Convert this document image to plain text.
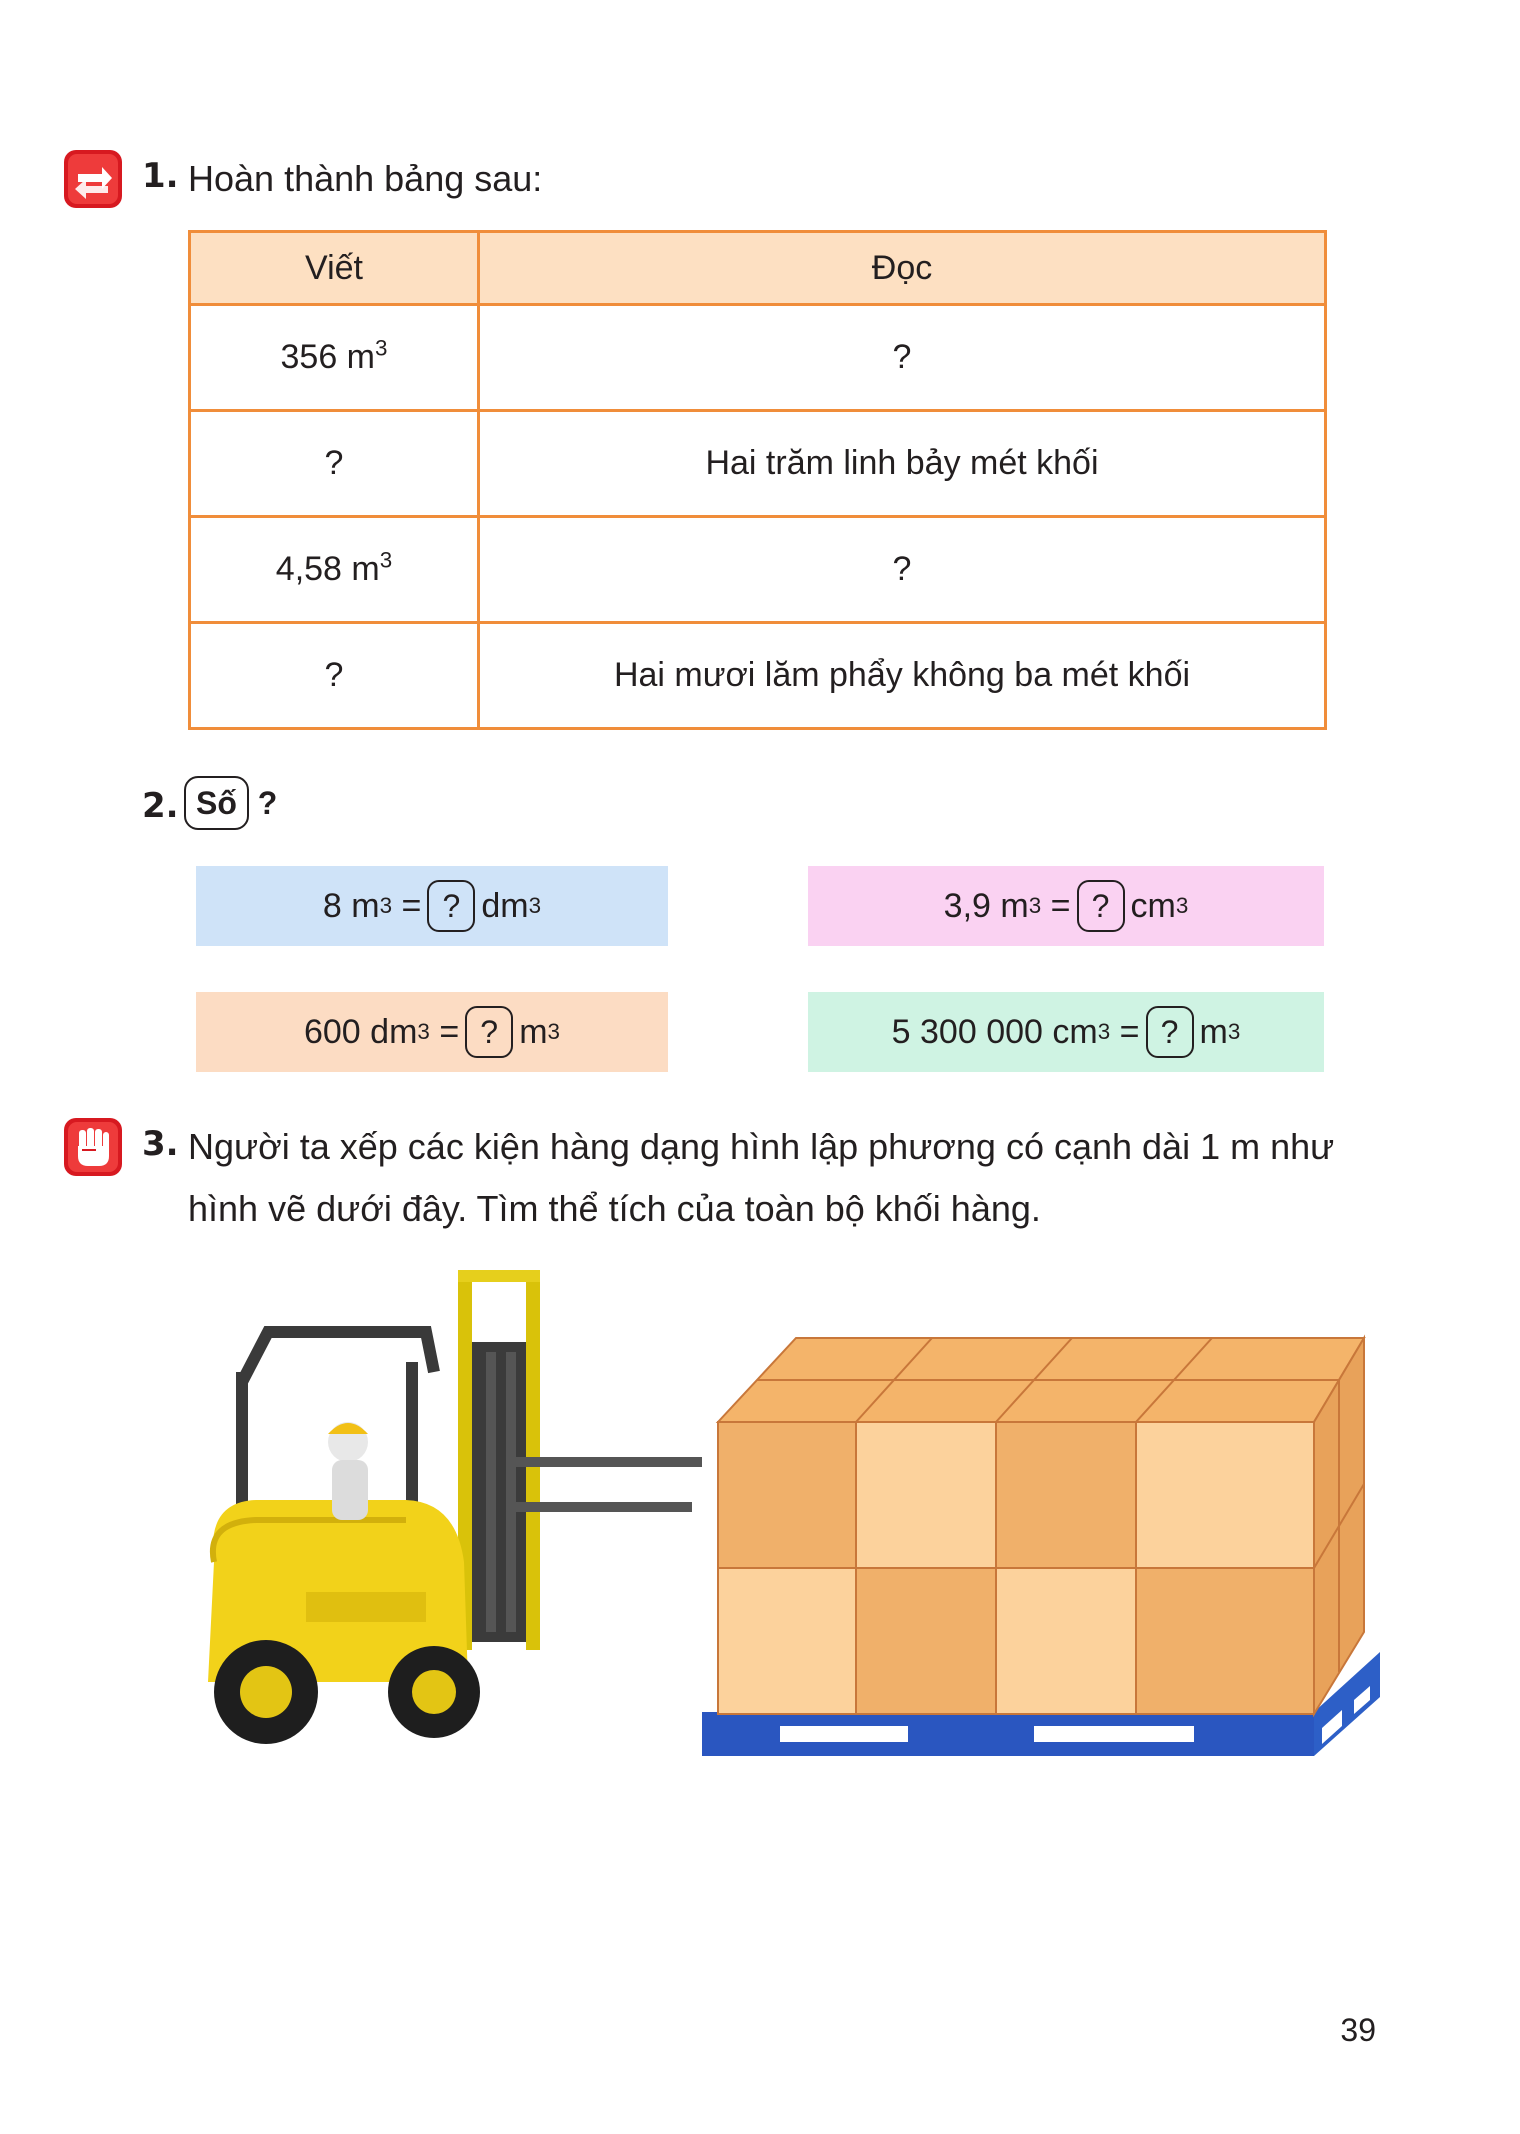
1. Hoàn thành bảng sau:
Viết	Đọc
356 $m^3$	?
?	Hai trăm linh bảy mét khối
4,58 $m^3$	?
?	Hai mươi lăm phẩy không ba mét khối
2. Số ?
8 m 3
= ? dm 3	3,9 m 3
= ? cm 3
600 dm 3
= ? m 3	5 300 000 cm 3
= ? m 3
3. Người ta xếp các kiện hàng dạng hình lập phương có cạnh dài 1 m như
hình vẽ dưới đây. Tìm thể tích của toàn bộ khối hàng.
39
